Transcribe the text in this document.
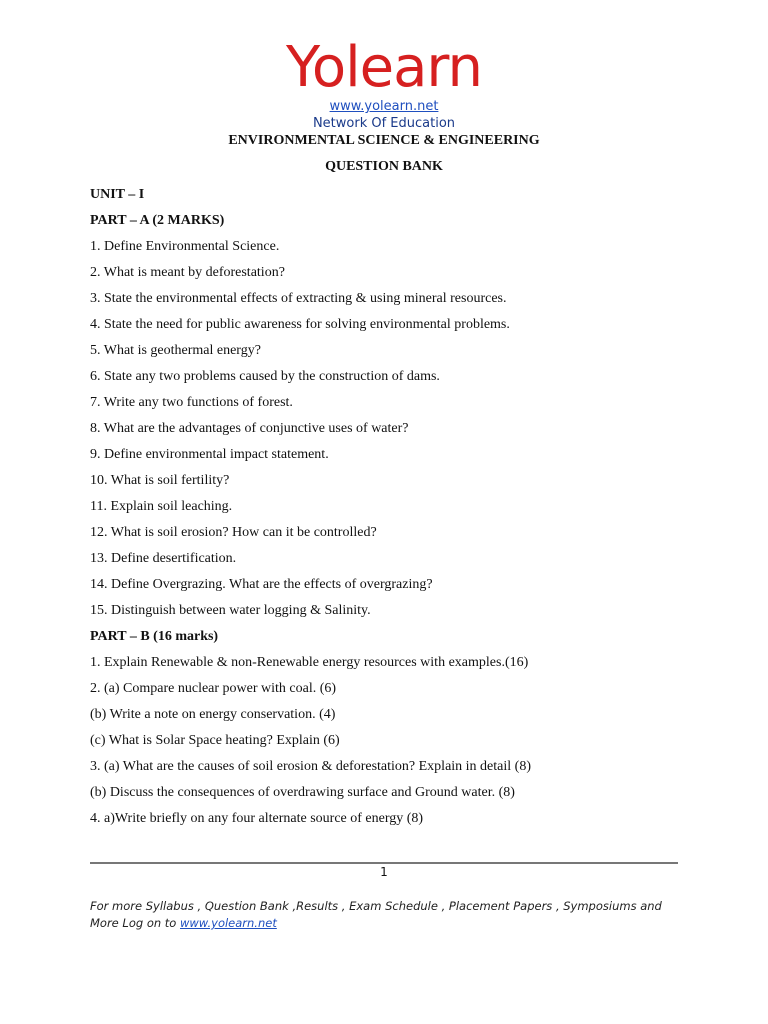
Yolearn
www.yolearn.net
Network Of Education
ENVIRONMENTAL SCIENCE & ENGINEERING
QUESTION BANK
UNIT – I
PART – A (2 MARKS)
1. Define Environmental Science.
2. What is meant by deforestation?
3. State the environmental effects of extracting & using mineral resources.
4. State the need for public awareness for solving environmental problems.
5. What is geothermal energy?
6. State any two problems caused by the construction of dams.
7. Write any two functions of forest.
8. What are the advantages of conjunctive uses of water?
9. Define environmental impact statement.
10. What is soil fertility?
11. Explain soil leaching.
12. What is soil erosion? How can it be controlled?
13. Define desertification.
14. Define Overgrazing. What are the effects of overgrazing?
15. Distinguish between water logging & Salinity.
PART – B (16 marks)
1. Explain Renewable & non-Renewable energy resources with examples.(16)
2. (a) Compare nuclear power with coal. (6)
(b) Write a note on energy conservation. (4)
(c) What is Solar Space heating? Explain (6)
3. (a) What are the causes of soil erosion & deforestation? Explain in detail (8)
(b) Discuss the consequences of overdrawing surface and Ground water. (8)
4. a)Write briefly on any four alternate source of energy (8)
1
For more Syllabus , Question Bank ,Results , Exam Schedule , Placement Papers , Symposiums and More Log on to www.yolearn.net
